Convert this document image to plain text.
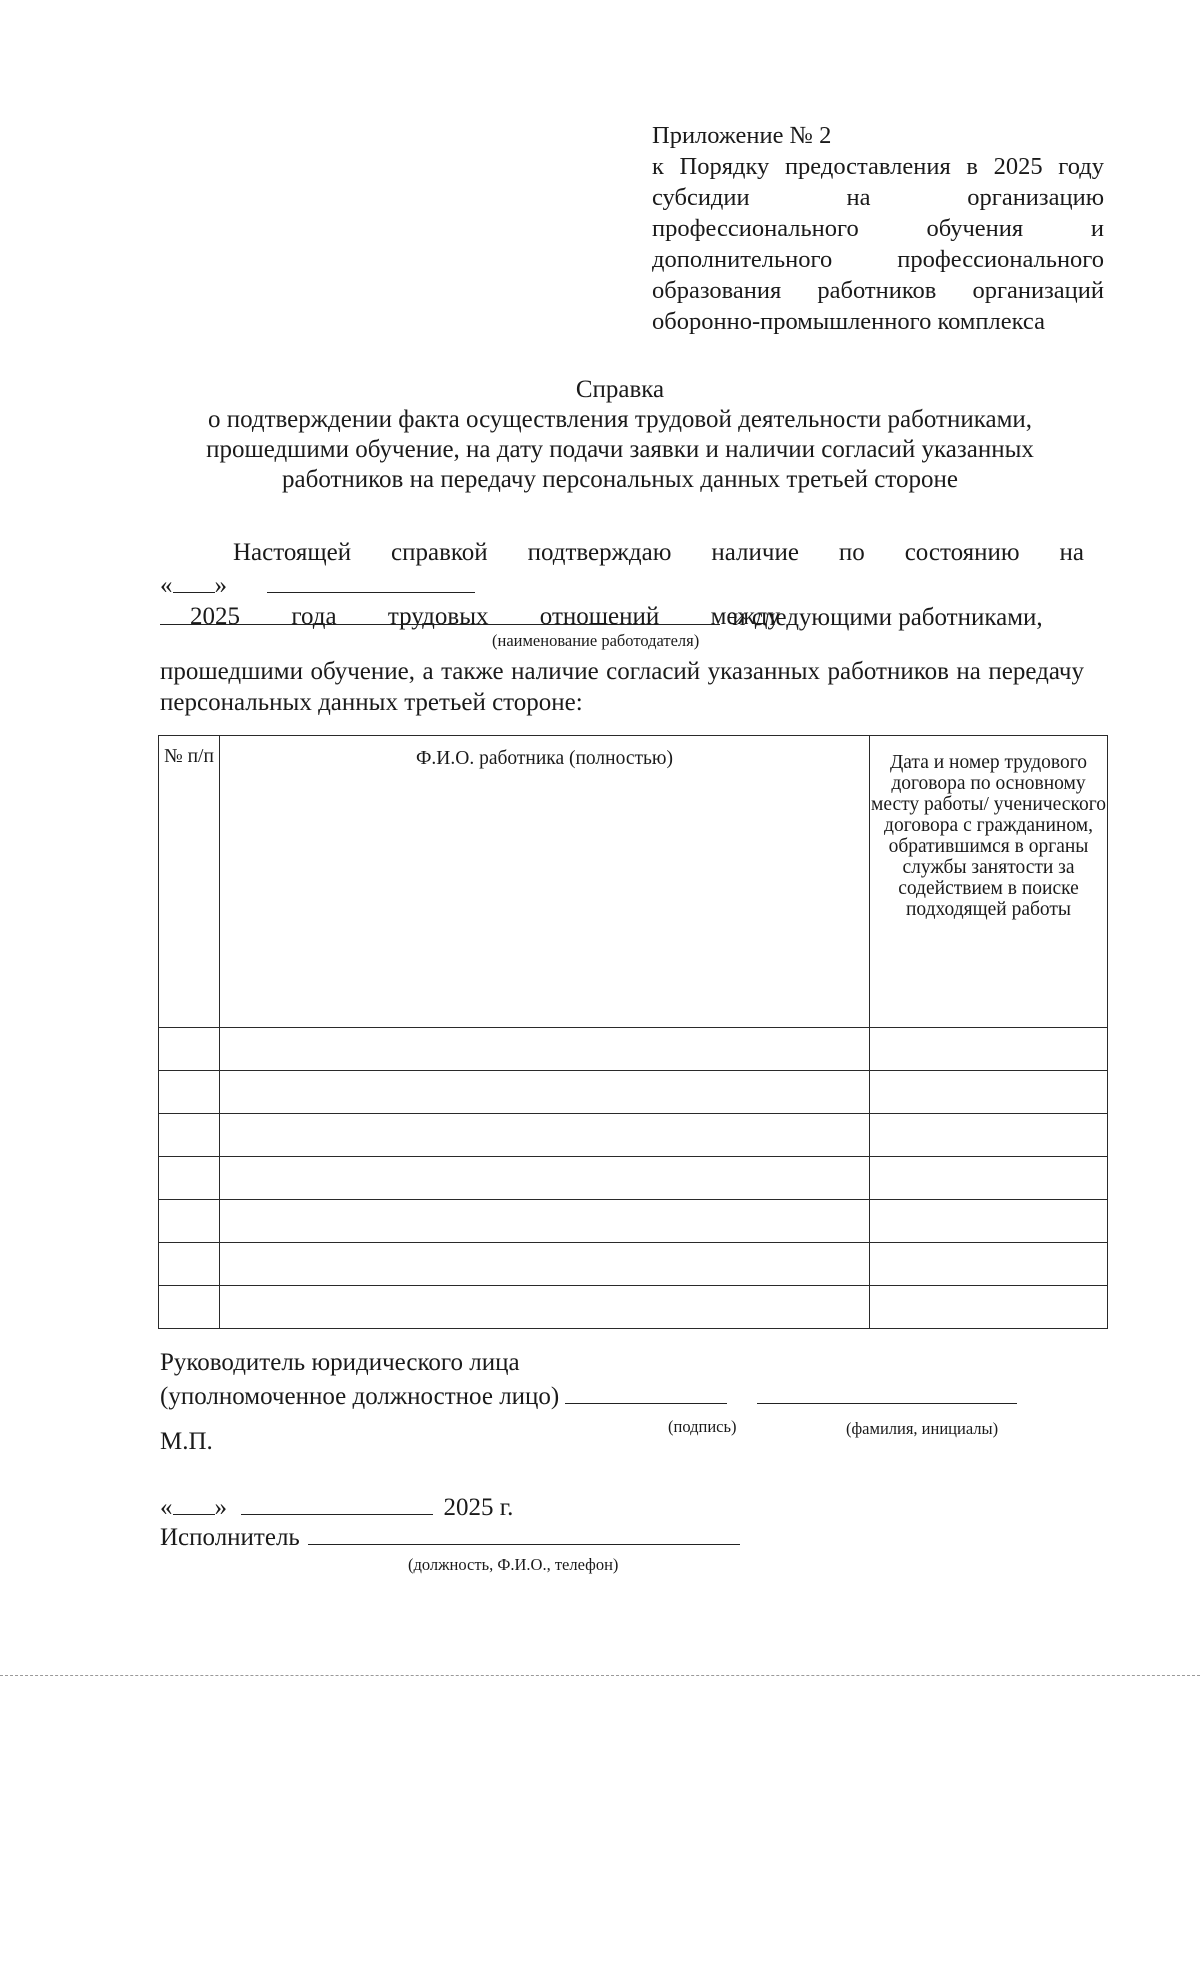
Приложение № 2
к Порядку предоставления в 2025 году субсидии на организацию профессионального обучения и дополнительного профессионального образования работников организаций оборонно-промышленного комплекса
Справка
о подтверждении факта осуществления трудовой деятельности работниками, прошедшими обучение, на дату подачи заявки и наличии согласий указанных работников на передачу персональных данных третьей стороне
Настоящей справкой подтверждаю наличие по состоянию на
« »  2025 года трудовых отношений между
и следующими работниками,
(наименование работодателя)
прошедшими обучение, а также наличие согласий указанных работников на передачу персональных данных третьей стороне:
№ п/п	Ф.И.О. работника (полностью)	Дата и номер трудового договора по основному месту работы/ ученического договора с гражданином, обратившимся в органы службы занятости за содействием в поиске подходящей работы

Руководитель юридического лица
(уполномоченное должностное лицо)
(подпись)	(фамилия, инициалы)
М.П.
« »	2025 г.
Исполнитель
(должность, Ф.И.О., телефон)
